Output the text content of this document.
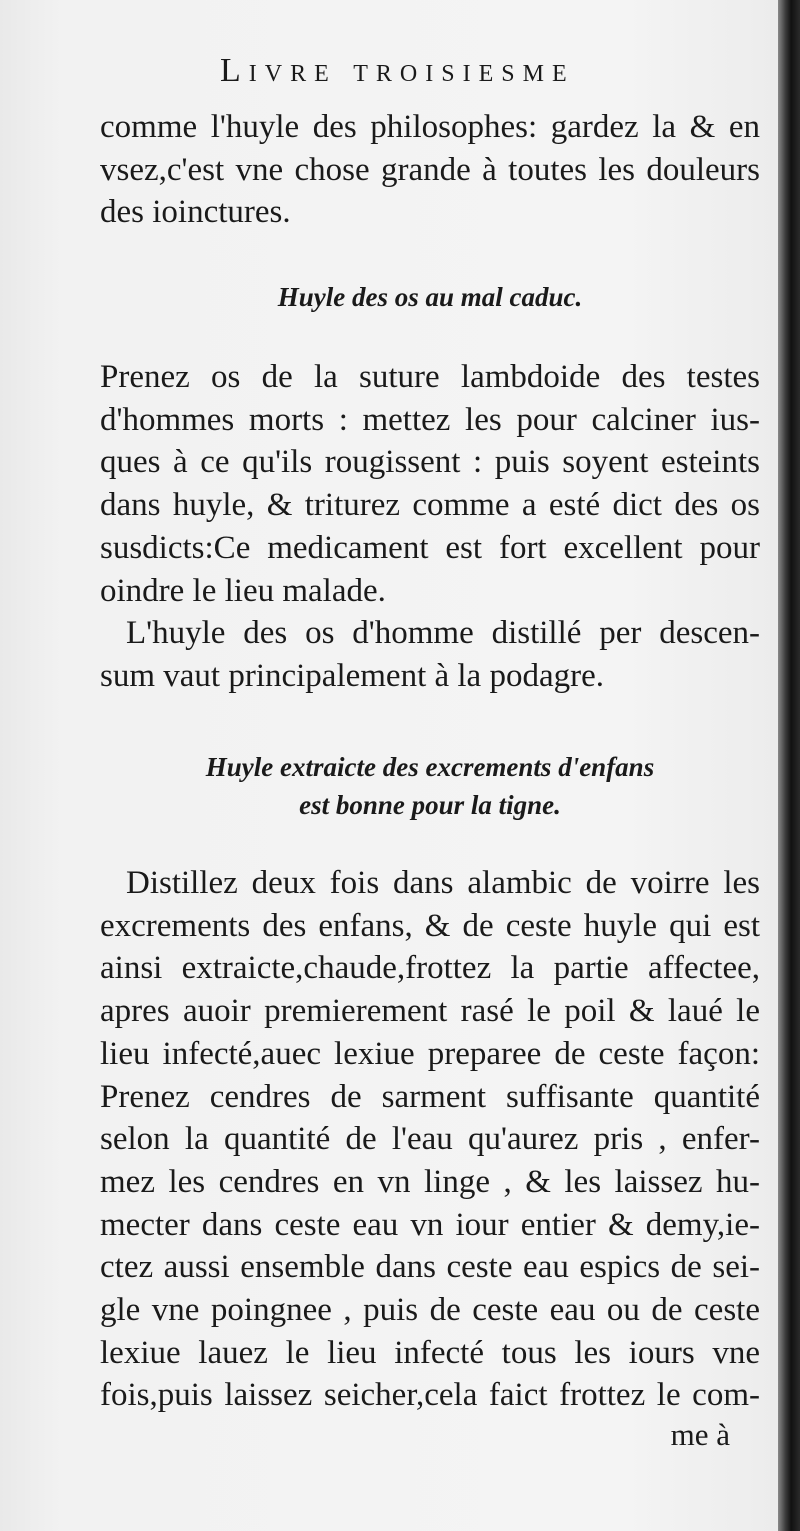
Livre troisiesme
comme l'huyle des philosophes: gardez la & en
vsez,c'est vne chose grande à toutes les douleurs
des ioinctures.
Huyle des os au mal caduc.
Prenez os de la suture lambdoide des testes
d'hommes morts : mettez les pour calciner ius-
ques à ce qu'ils rougissent : puis soyent esteints
dans huyle, & triturez comme a esté dict des os
susdicts:Ce medicament est fort excellent pour
oindre le lieu malade.
L'huyle des os d'homme distillé per descen-
sum vaut principalement à la podagre.
Huyle extraicte des excrements d'enfans
est bonne pour la tigne.
Distillez deux fois dans alambic de voirre les
excrements des enfans, & de ceste huyle qui est
ainsi extraicte,chaude,frottez la partie affectee,
apres auoir premierement rasé le poil & laué le
lieu infecté,auec lexiue preparee de ceste façon:
Prenez cendres de sarment suffisante quantité
selon la quantité de l'eau qu'aurez pris , enfer-
mez les cendres en vn linge , & les laissez hu-
mecter dans ceste eau vn iour entier & demy,ie-
ctez aussi ensemble dans ceste eau espics de sei-
gle vne poingnee , puis de ceste eau ou de ceste
lexiue lauez le lieu infecté tous les iours vne
fois,puis laissez seicher,cela faict frottez le com-
me à
